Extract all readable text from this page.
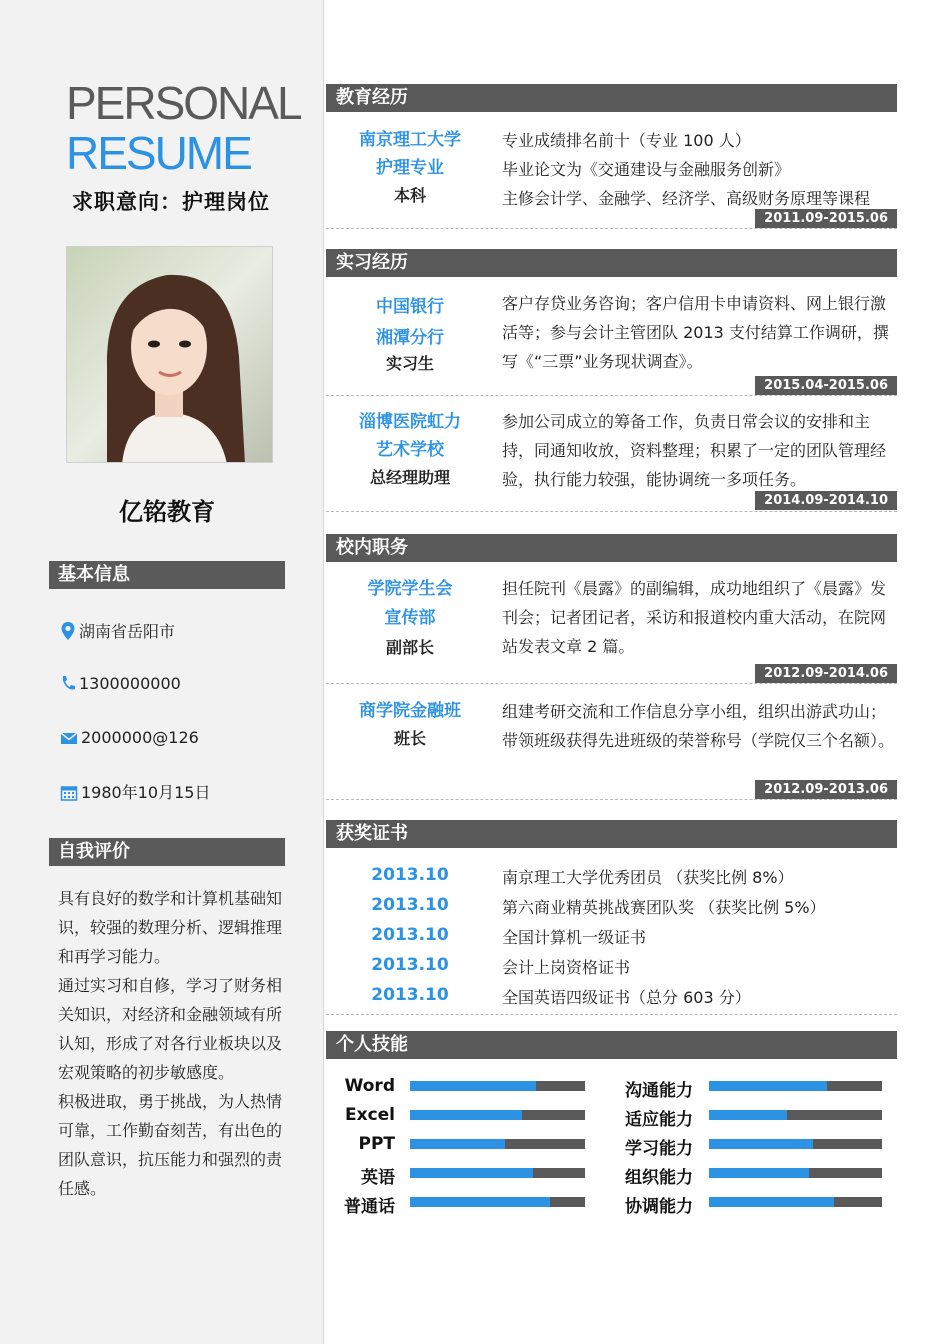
PERSONAL
RESUME
求职意向：护理岗位
亿铭教育
基本信息
湖南省岳阳市
1300000000
2000000@126
1980年10月15日
自我评价

具有良好的数学和计算机基础知识，较强的数理分析、逻辑推理和再学习能力。

通过实习和自修，学习了财务相关知识，对经济和金融领域有所认知，形成了对各行业板块以及宏观策略的初步敏感度。

积极进取，勇于挑战，为人热情可靠，工作勤奋刻苦，有出色的团队意识，抗压能力和强烈的责任感。

教育经历
南京理工大学
护理专业
本科
专业成绩排名前十（专业 100 人）
毕业论文为《交通建设与金融服务创新》
主修会计学、金融学、经济学、高级财务原理等课程
2011.09-2015.06
实习经历
中国银行
湘潭分行
实习生
客户存贷业务咨询；客户信用卡申请资料、网上银行激活等；参与会计主管团队 2013 支付结算工作调研，撰写《“三票”业务现状调查》。
2015.04-2015.06
淄博医院虹力
艺术学校
总经理助理
参加公司成立的筹备工作，负责日常会议的安排和主持，同通知收放，资料整理；积累了一定的团队管理经验，执行能力较强，能协调统一多项任务。
2014.09-2014.10
校内职务
学院学生会
宣传部
副部长
担任院刊《晨露》的副编辑，成功地组织了《晨露》发刊会；记者团记者，采访和报道校内重大活动，在院网站发表文章 2 篇。
2012.09-2014.06
商学院金融班
班长
组建考研交流和工作信息分享小组，组织出游武功山；带领班级获得先进班级的荣誉称号（学院仅三个名额）。
2012.09-2013.06
获奖证书
2013.10	南京理工大学优秀团员 （获奖比例 8%）
2013.10	第六商业精英挑战赛团队奖 （获奖比例 5%）
2013.10	全国计算机一级证书
2013.10	会计上岗资格证书
2013.10	全国英语四级证书（总分 603 分）
个人技能
Word
Excel
PPT
英语
普通话
沟通能力
适应能力
学习能力
组织能力
协调能力
